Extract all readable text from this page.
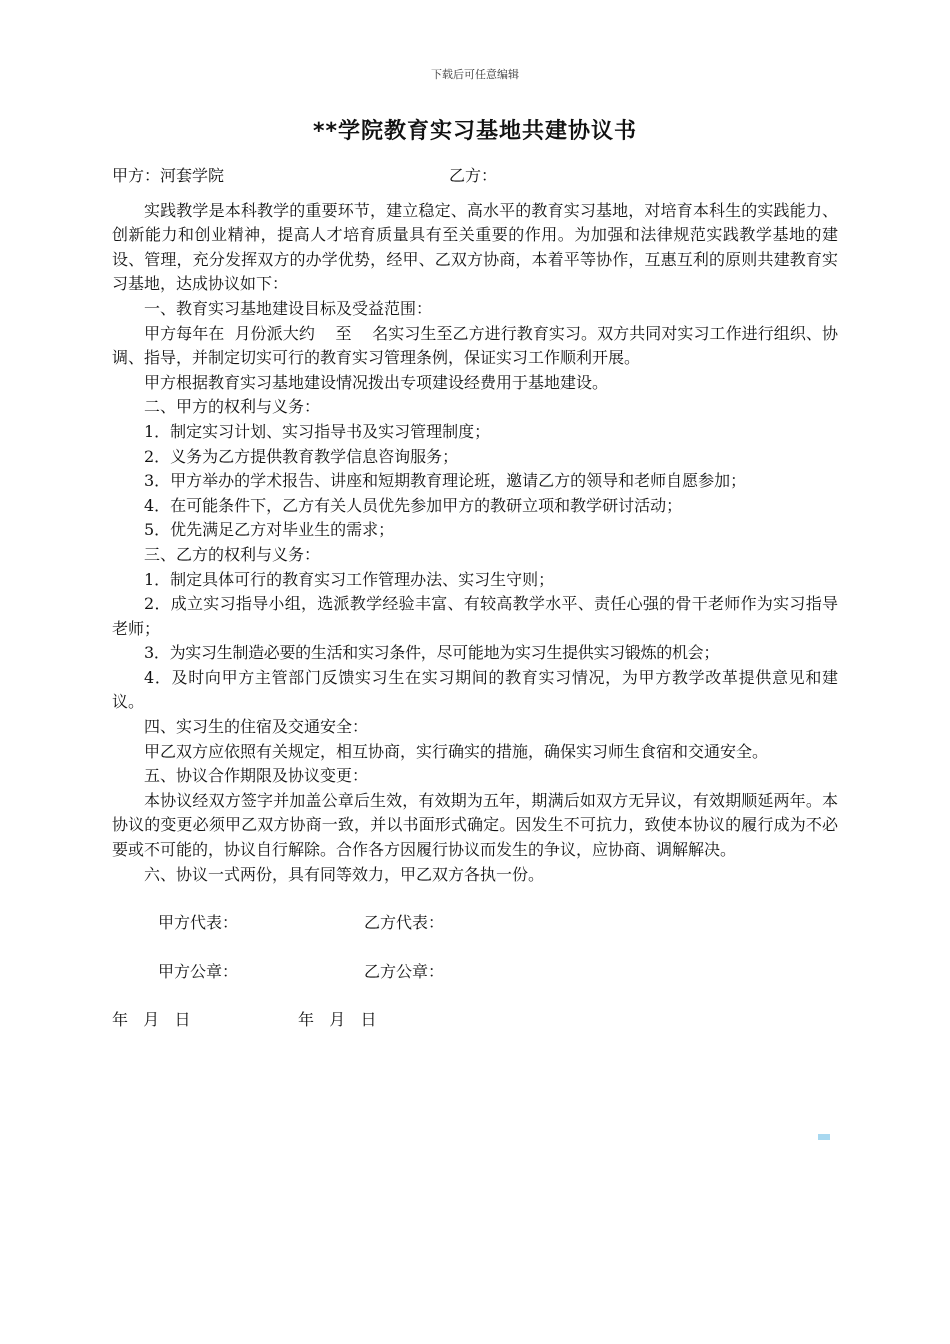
下载后可任意编辑
**学院教育实习基地共建协议书
甲方：河套学院	乙方：

实践教学是本科教学的重要环节，建立稳定、高水平的教育实习基地，对培育本科生的实践能力、创新能力和创业精神，提高人才培育质量具有至关重要的作用。为加强和法律规范实践教学基地的建设、管理，充分发挥双方的办学优势，经甲、乙双方协商，本着平等协作，互惠互利的原则共建教育实习基地，达成协议如下：

一、教育实习基地建设目标及受益范围：

甲方每年在  月份派大约    至    名实习生至乙方进行教育实习。双方共同对实习工作进行组织、协调、指导，并制定切实可行的教育实习管理条例，保证实习工作顺利开展。

甲方根据教育实习基地建设情况拨出专项建设经费用于基地建设。

二、甲方的权利与义务：

1．制定实习计划、实习指导书及实习管理制度；

2．义务为乙方提供教育教学信息咨询服务；

3．甲方举办的学术报告、讲座和短期教育理论班，邀请乙方的领导和老师自愿参加；

4．在可能条件下，乙方有关人员优先参加甲方的教研立项和教学研讨活动；

5．优先满足乙方对毕业生的需求；

三、乙方的权利与义务：

1．制定具体可行的教育实习工作管理办法、实习生守则；

2．成立实习指导小组，选派教学经验丰富、有较高教学水平、责任心强的骨干老师作为实习指导老师；

3．为实习生制造必要的生活和实习条件，尽可能地为实习生提供实习锻炼的机会；

4．及时向甲方主管部门反馈实习生在实习期间的教育实习情况，为甲方教学改革提供意见和建议。

四、实习生的住宿及交通安全：

甲乙双方应依照有关规定，相互协商，实行确实的措施，确保实习师生食宿和交通安全。

五、协议合作期限及协议变更：

本协议经双方签字并加盖公章后生效，有效期为五年，期满后如双方无异议，有效期顺延两年。本协议的变更必须甲乙双方协商一致，并以书面形式确定。因发生不可抗力，致使本协议的履行成为不必要或不可能的，协议自行解除。合作各方因履行协议而发生的争议，应协商、调解解决。

六、协议一式两份，具有同等效力，甲乙双方各执一份。

甲方代表：	乙方代表：
甲方公章：	乙方公章：
年   月   日	年   月   日
